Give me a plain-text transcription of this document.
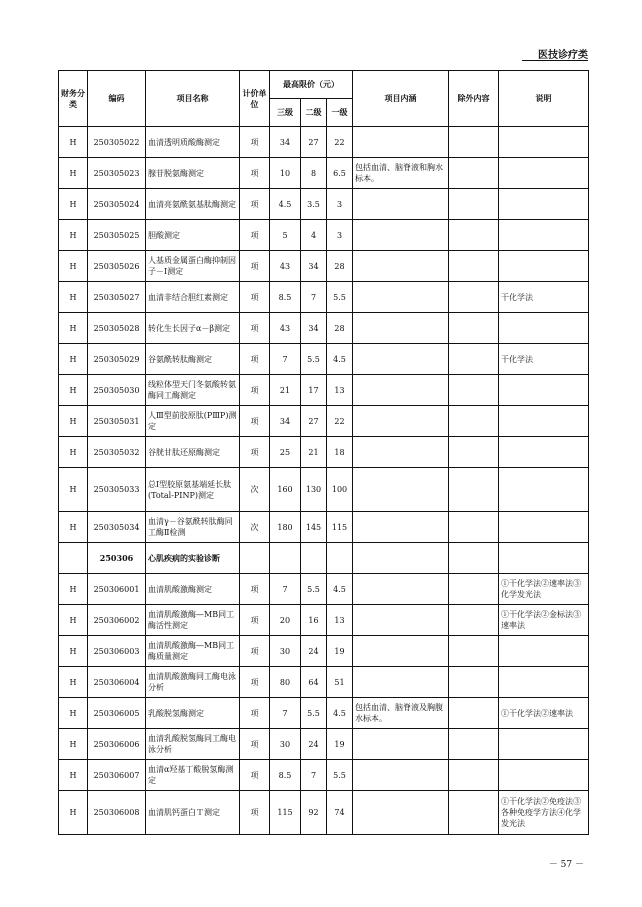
医技诊疗类
财务分类	编码	项目名称	计价单位	最高限价（元）			项目内涵	除外内容	说明
				三级	二级	一级			
H	250305022	血清透明质酸酶测定	项	34	27	22			
H	250305023	腺苷脱氨酶测定	项	10	8	6.5	包括血清、脑脊液和胸水标本。		
H	250305024	血清亮氨酰氨基肽酶测定	项	4.5	3.5	3			
H	250305025	胆酸测定	项	5	4	3			
H	250305026	人基质金属蛋白酶抑制因子－Ⅰ测定	项	43	34	28			
H	250305027	血清非结合胆红素测定	项	8.5	7	5.5			干化学法
H	250305028	转化生长因子α－β测定	项	43	34	28			
H	250305029	谷氨酰转肽酶测定	项	7	5.5	4.5			干化学法
H	250305030	线粒体型天门冬氨酸转氨酶同工酶测定	项	21	17	13			
H	250305031	人Ⅲ型前胶原肽(PⅢP)测定	项	34	27	22			
H	250305032	谷胱甘肽还原酶测定	项	25	21	18			
H	250305033	总Ⅰ型胶原氨基端延长肽(Total-PINP)测定	次	160	130	100			
H	250305034	血清γ－谷氨酰转肽酶同工酶Ⅱ检测	次	180	145	115			
	250306	心肌疾病的实验诊断							
H	250306001	血清肌酸激酶测定	项	7	5.5	4.5			①干化学法②速率法③化学发光法
H	250306002	血清肌酸激酶—MB同工酶活性测定	项	20	16	13			①干化学法②金标法③速率法
H	250306003	血清肌酸激酶—MB同工酶质量测定	项	30	24	19			
H	250306004	血清肌酸激酶同工酶电泳分析	项	80	64	51			
H	250306005	乳酸脱氢酶测定	项	7	5.5	4.5	包括血清、脑脊液及胸腹水标本。		①干化学法②速率法
H	250306006	血清乳酸脱氢酶同工酶电泳分析	项	30	24	19			
H	250306007	血清α羟基丁酸脱氢酶测定	项	8.5	7	5.5			
H	250306008	血清肌钙蛋白Ｔ测定	项	115	92	74			①干化学法②免疫法③各种免疫学方法④化学发光法
－ 57 －
